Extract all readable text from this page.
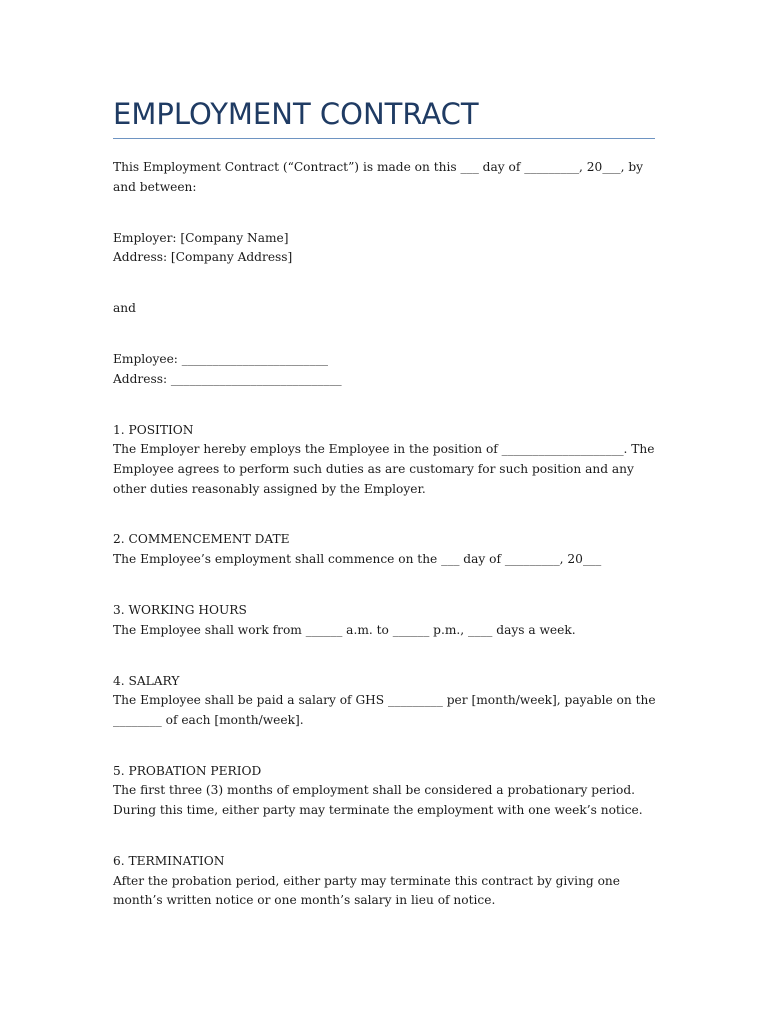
EMPLOYMENT CONTRACT

This Employment Contract (“Contract”) is made on this ___ day of _________, 20___, by and between:

Employer: [Company Name]
Address: [Company Address]

and

Employee: ________________________
Address: ____________________________
1. POSITION
The Employer hereby employs the Employee in the position of ____________________. The Employee agrees to perform such duties as are customary for such position and any other duties reasonably assigned by the Employer.
2. COMMENCEMENT DATE
The Employee’s employment shall commence on the ___ day of _________, 20___
3. WORKING HOURS
The Employee shall work from ______ a.m. to ______ p.m., ____ days a week.
4. SALARY
The Employee shall be paid a salary of GHS _________ per [month/week], payable on the ________ of each [month/week].
5. PROBATION PERIOD
The first three (3) months of employment shall be considered a probationary period. During this time, either party may terminate the employment with one week’s notice.
6. TERMINATION
After the probation period, either party may terminate this contract by giving one month’s written notice or one month’s salary in lieu of notice.
